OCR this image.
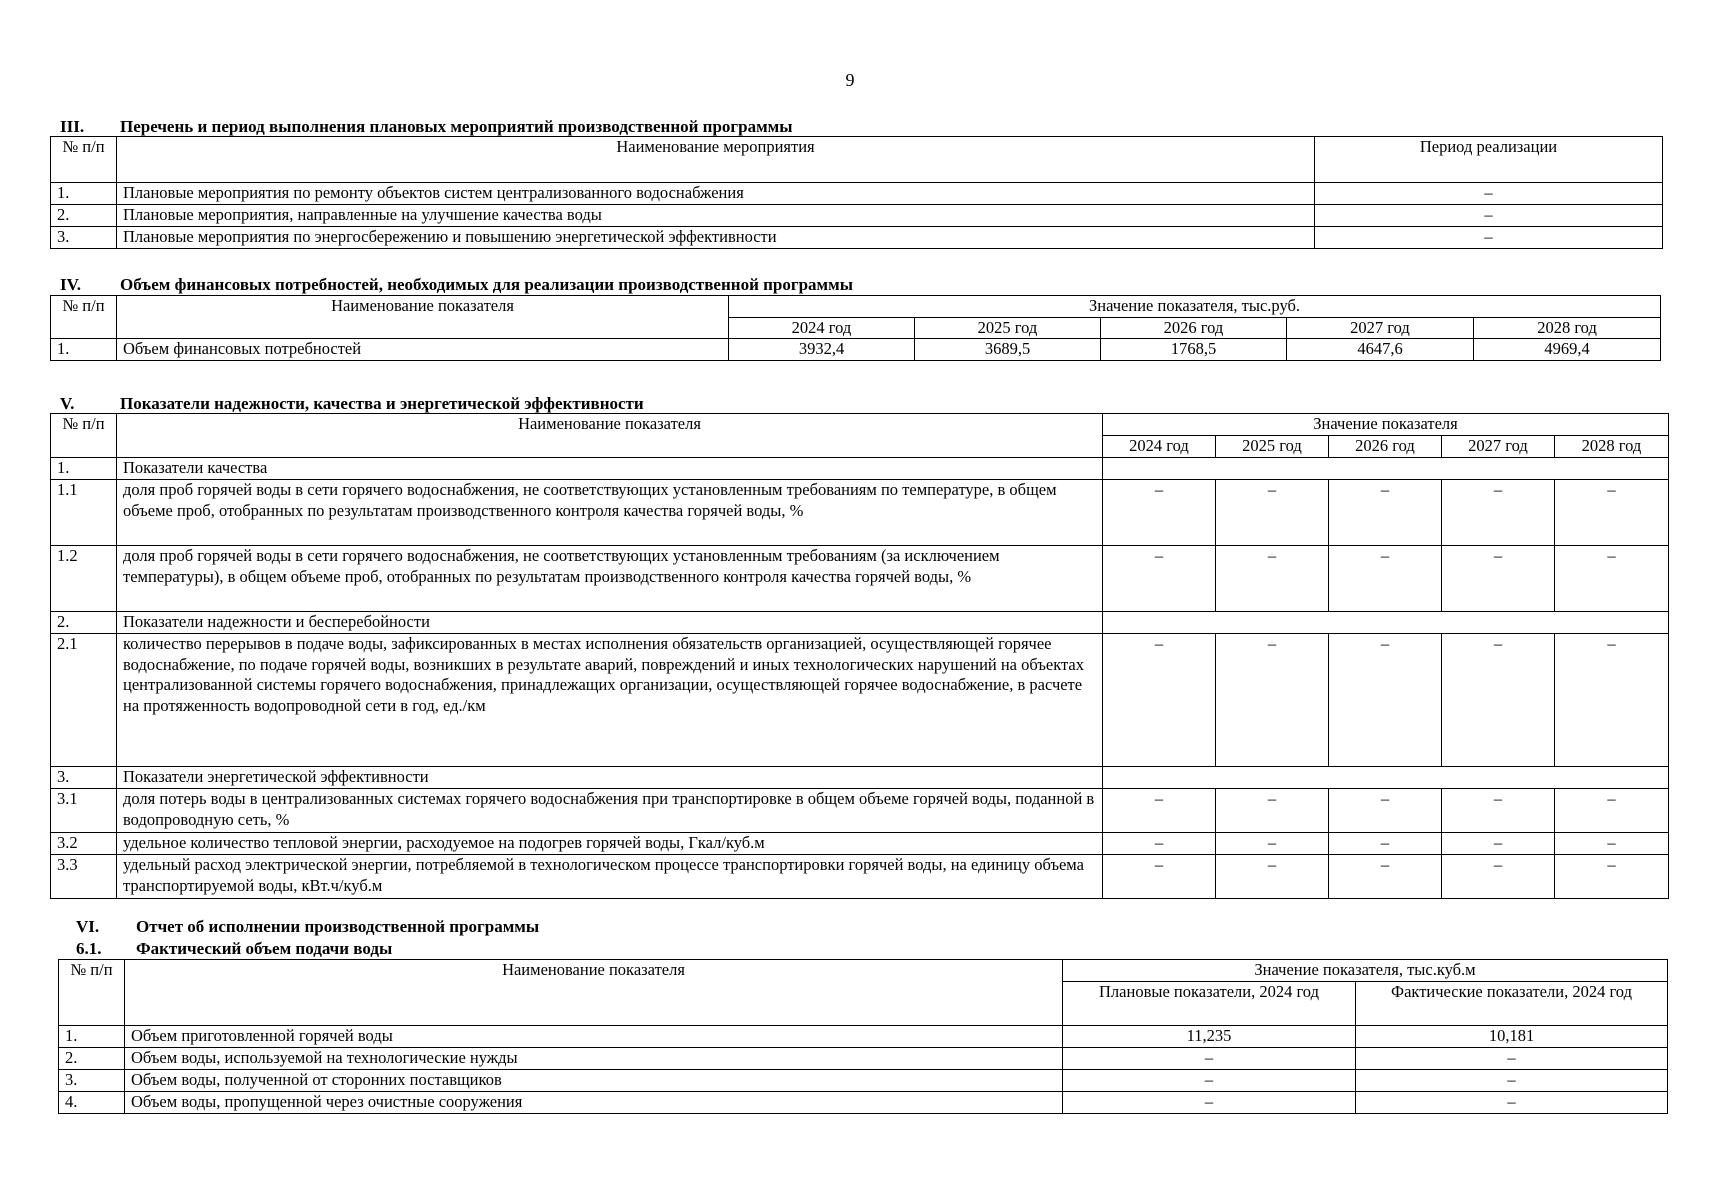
9
III. Перечень и период выполнения плановых мероприятий производственной программы
№ п/п	Наименование мероприятия	Период реализации
1.	Плановые мероприятия по ремонту объектов систем централизованного водоснабжения	–
2.	Плановые мероприятия, направленные на улучшение качества воды	–
3.	Плановые мероприятия по энергосбережению и повышению энергетической эффективности	–
IV. Объем финансовых потребностей, необходимых для реализации производственной программы
№ п/п	Наименование показателя	Значение показателя, тыс.руб.				
		2024 год	2025 год	2026 год	2027 год	2028 год
1.	Объем финансовых потребностей	3932,4	3689,5	1768,5	4647,6	4969,4
V.	Показатели надежности, качества и энергетической эффективности
№ п/п	Наименование показателя	Значение показателя				
		2024 год	2025 год	2026 год	2027 год	2028 год
1.	Показатели качества					
1.1	доля проб горячей воды в сети горячего водоснабжения, не соответствующих установленным требованиям по температуре, в общем объеме проб, отобранных по результатам производственного контроля качества горячей воды, %	–	–	–	–	–
1.2	доля проб горячей воды в сети горячего водоснабжения, не соответствующих установленным требованиям (за исключением температуры), в общем объеме проб, отобранных по результатам производственного контроля качества горячей воды, %	–	–	–	–	–
2.	Показатели надежности и бесперебойности					
2.1	количество перерывов в подаче воды, зафиксированных в местах исполнения обязательств организацией, осуществляющей горячее водоснабжение, по подаче горячей воды, возникших в результате аварий, повреждений и иных технологических нарушений на объектах централизованной системы горячего водоснабжения, принадлежащих организации, осуществляющей горячее водоснабжение, в расчете на протяженность водопроводной сети в год, ед./км	–	–	–	–	–
3.	Показатели энергетической эффективности					
3.1	доля потерь воды в централизованных системах горячего водоснабжения при транспортировке в общем объеме горячей воды, поданной в водопроводную сеть, %	–	–	–	–	–
3.2	удельное количество тепловой энергии, расходуемое на подогрев горячей воды, Гкал/куб.м	–	–	–	–	–
3.3	удельный расход электрической энергии, потребляемой в технологическом процессе транспортировки горячей воды, на единицу объема транспортируемой воды, кВт.ч/куб.м	–	–	–	–	–
VI. Отчет об исполнении производственной программы
6.1. Фактический объем подачи воды
№ п/п	Наименование показателя	Значение показателя, тыс.куб.м	
		Плановые показатели, 2024 год	Фактические показатели, 2024 год
1.	Объем приготовленной горячей воды	11,235	10,181
2.	Объем воды, используемой на технологические нужды	–	–
3.	Объем воды, полученной от сторонних поставщиков	–	–
4.	Объем воды, пропущенной через очистные сооружения	–	–
